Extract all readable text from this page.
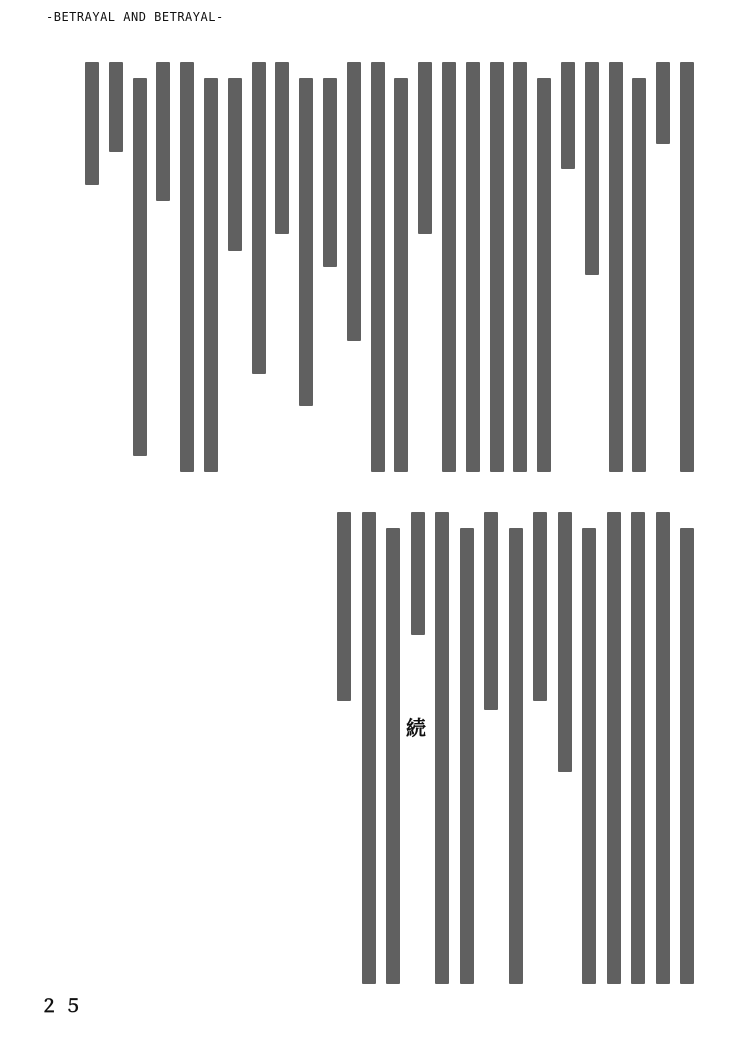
-BETRAYAL AND BETRAYAL-
続
２５
